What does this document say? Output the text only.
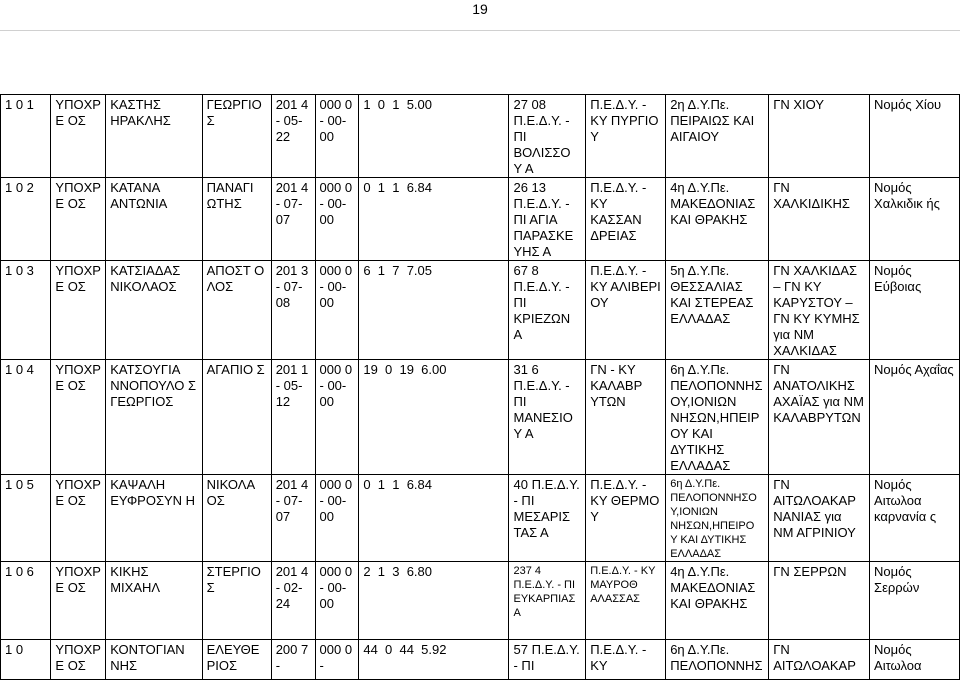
19
1 0 1	ΥΠΟΧΡΕ ΟΣ	ΚΑΣΤΗΣ ΗΡΑΚΛΗΣ	ΓΕΩΡΓΙΟ Σ	201 4- 05- 22	000 0- 00- 00	1  0  1  5.00	27 08 Π.Ε.Δ.Υ. - ΠΙ ΒΟΛΙΣΣΟ Υ Α	Π.Ε.Δ.Υ. - ΚΥ ΠΥΡΓΙΟ Υ	2η Δ.Υ.Πε. ΠΕΙΡΑΙΩΣ ΚΑΙ ΑΙΓΑΙΟΥ	ΓΝ ΧΙΟΥ	Νομός Χίου
1 0 2	ΥΠΟΧΡΕ ΟΣ	ΚΑΤΑΝΑ ΑΝΤΩΝΙΑ	ΠΑΝΑΓΙ ΩΤΗΣ	201 4- 07- 07	000 0- 00- 00	0  1  1  6.84	26 13 Π.Ε.Δ.Υ. - ΠΙ ΑΓΙΑ ΠΑΡΑΣΚΕ ΥΗΣ Α	Π.Ε.Δ.Υ. - ΚΥ ΚΑΣΣΑΝ ΔΡΕΙΑΣ	4η Δ.Υ.Πε. ΜΑΚΕΔΟΝΙΑΣ ΚΑΙ ΘΡΑΚΗΣ	ΓΝ ΧΑΛΚΙΔΙΚΗΣ	Νομός Χαλκιδικ ής
1 0 3	ΥΠΟΧΡΕ ΟΣ	ΚΑΤΣΙΑΔΑΣ ΝΙΚΟΛΑΟΣ	ΑΠΟΣΤ ΟΛΟΣ	201 3- 07- 08	000 0- 00- 00	6  1  7  7.05	67 8 Π.Ε.Δ.Υ. - ΠΙ ΚΡΙΕΖΩΝ Α	Π.Ε.Δ.Υ. - ΚΥ ΑΛΙΒΕΡΙ ΟΥ	5η Δ.Υ.Πε. ΘΕΣΣΑΛΙΑΣ ΚΑΙ ΣΤΕΡΕΑΣ ΕΛΛΑΔΑΣ	ΓΝ ΧΑΛΚΙΔΑΣ – ΓΝ ΚΥ ΚΑΡΥΣΤΟΥ – ΓΝ ΚΥ ΚΥΜΗΣ για ΝΜ ΧΑΛΚΙΔΑΣ	Νομός Εύβοιας
1 0 4	ΥΠΟΧΡΕ ΟΣ	ΚΑΤΣΟΥΓΙΑ ΝΝΟΠΟΥΛΟ Σ ΓΕΩΡΓΙΟΣ	ΑΓΑΠΙΟ Σ	201 1- 05- 12	000 0- 00- 00	19  0  19  6.00	31 6 Π.Ε.Δ.Υ. - ΠΙ ΜΑΝΕΣΙΟ Υ Α	ΓΝ - ΚΥ ΚΑΛΑΒΡ ΥΤΩΝ	6η Δ.Υ.Πε. ΠΕΛΟΠΟΝΝΗΣ ΟΥ,ΙΟΝΙΩΝ ΝΗΣΩΝ,ΗΠΕΙΡ ΟΥ ΚΑΙ ΔΥΤΙΚΗΣ ΕΛΛΑΔΑΣ	ΓΝ ΑΝΑΤΟΛΙΚΗΣ ΑΧΑΪΑΣ για ΝΜ ΚΑΛΑΒΡΥΤΩΝ	Νομός Αχαΐας
1 0 5	ΥΠΟΧΡΕ ΟΣ	ΚΑΨΑΛΗ ΕΥΦΡΟΣΥΝ Η	ΝΙΚΟΛΑ ΟΣ	201 4- 07- 07	000 0- 00- 00	0  1  1  6.84	40 Π.Ε.Δ.Υ. - ΠΙ ΜΕΣΑΡΙΣ ΤΑΣ Α	Π.Ε.Δ.Υ. - ΚΥ ΘΕΡΜΟ Υ	6η Δ.Υ.Πε. ΠΕΛΟΠΟΝΝΗΣΟ Υ,ΙΟΝΙΩΝ ΝΗΣΩΝ,ΗΠΕΙΡΟ Υ ΚΑΙ ΔΥΤΙΚΗΣ ΕΛΛΑΔΑΣ	ΓΝ ΑΙΤΩΛΟΑΚΑΡ ΝΑΝΙΑΣ για ΝΜ ΑΓΡΙΝΙΟΥ	Νομός Αιτωλοα καρνανία ς
1 0 6	ΥΠΟΧΡΕ ΟΣ	ΚΙΚΗΣ ΜΙΧΑΗΛ	ΣΤΕΡΓΙΟ Σ	201 4- 02- 24	000 0- 00- 00	2  1  3  6.80	237 4 Π.Ε.Δ.Υ. - ΠΙ ΕΥΚΑΡΠΙΑΣ Α	Π.Ε.Δ.Υ. - ΚΥ ΜΑΥΡΟΘ ΑΛΑΣΣΑΣ	4η Δ.Υ.Πε. ΜΑΚΕΔΟΝΙΑΣ ΚΑΙ ΘΡΑΚΗΣ	ΓΝ ΣΕΡΡΩΝ	Νομός Σερρών
1 0	ΥΠΟΧΡΕ ΟΣ	ΚΟΝΤΟΓΙΑΝ ΝΗΣ	ΕΛΕΥΘΕ ΡΙΟΣ	200 7-	000 0-	44  0  44  5.92	57 Π.Ε.Δ.Υ. - ΠΙ	Π.Ε.Δ.Υ. - ΚΥ	6η Δ.Υ.Πε. ΠΕΛΟΠΟΝΝΗΣ	ΓΝ ΑΙΤΩΛΟΑΚΑΡ	Νομός Αιτωλοα
